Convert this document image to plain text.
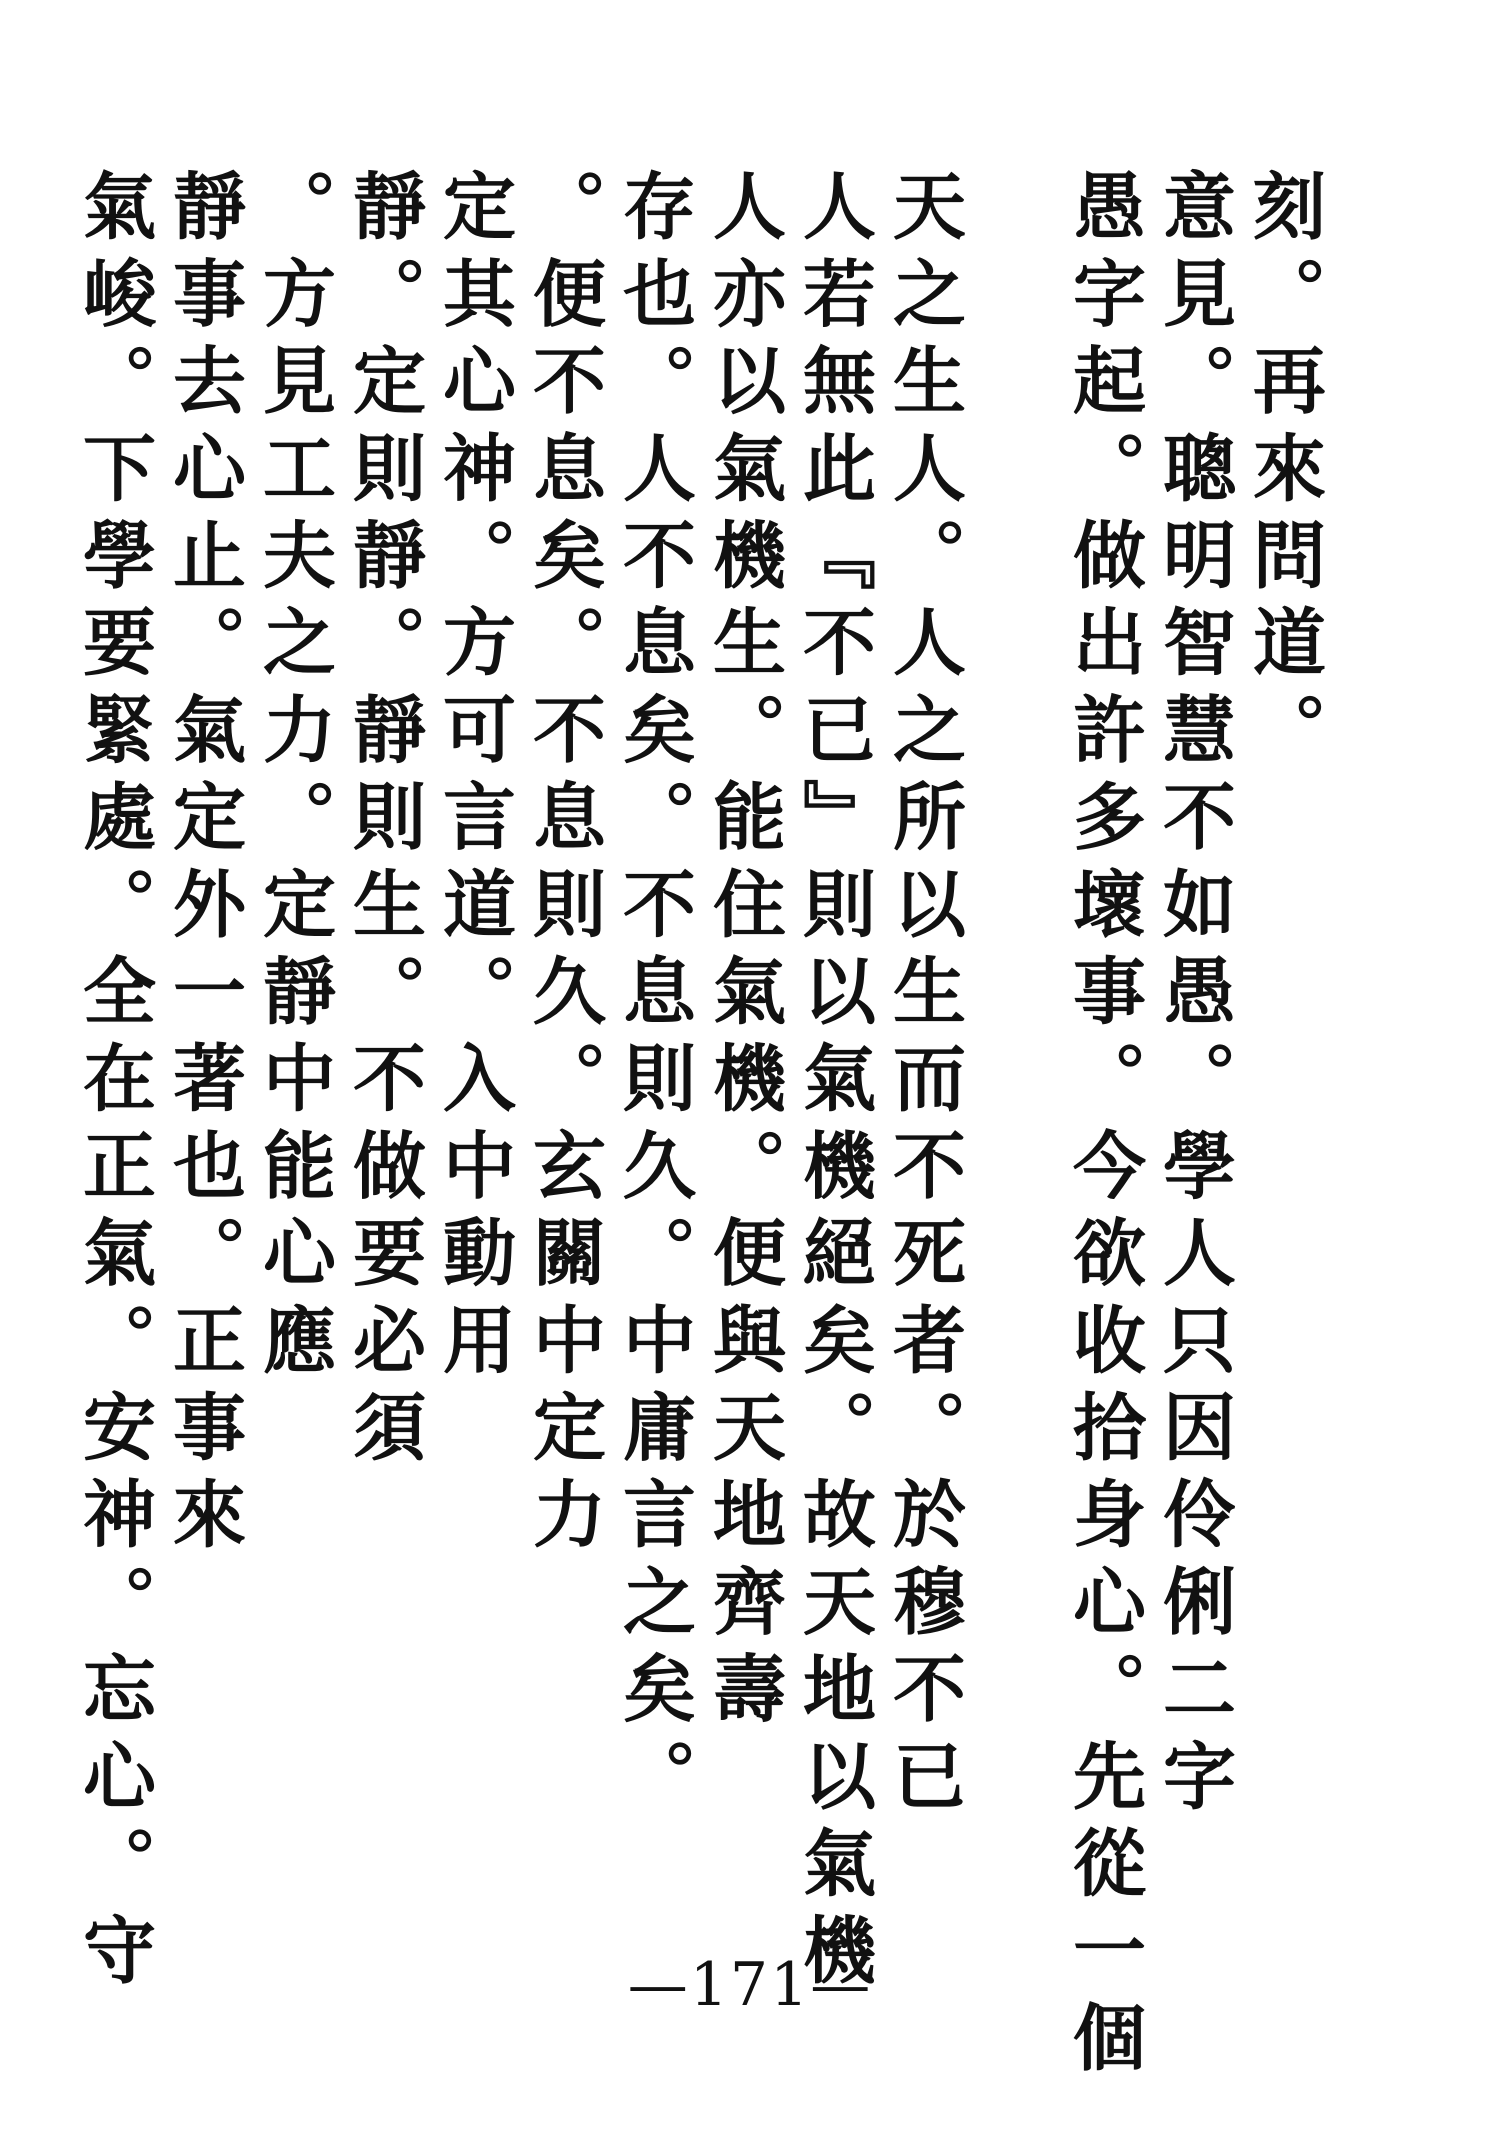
刻。再來問道。
意見。聰明智慧不如愚。學人只因伶俐二字
愚字起。做出許多壞事。今欲收拾身心。先從一個
天之生人。人之所以生而不死者。於穆不已
人若無此『不已』則以氣機絕矣。故天地以氣機
人亦以氣機生。能住氣機。便與天地齊壽
存也。人不息矣。不息則久。中庸言之矣。
。便不息矣。不息則久。玄關中定力
定其心神。方可言道。入中動用
靜。定則靜。靜則生。不做要必須
。方見工夫之力。定靜中能心應
靜事去心止。氣定外一著也。正事來
氣峻。下學要緊處。全在正氣。安神。忘心。守	—171—
